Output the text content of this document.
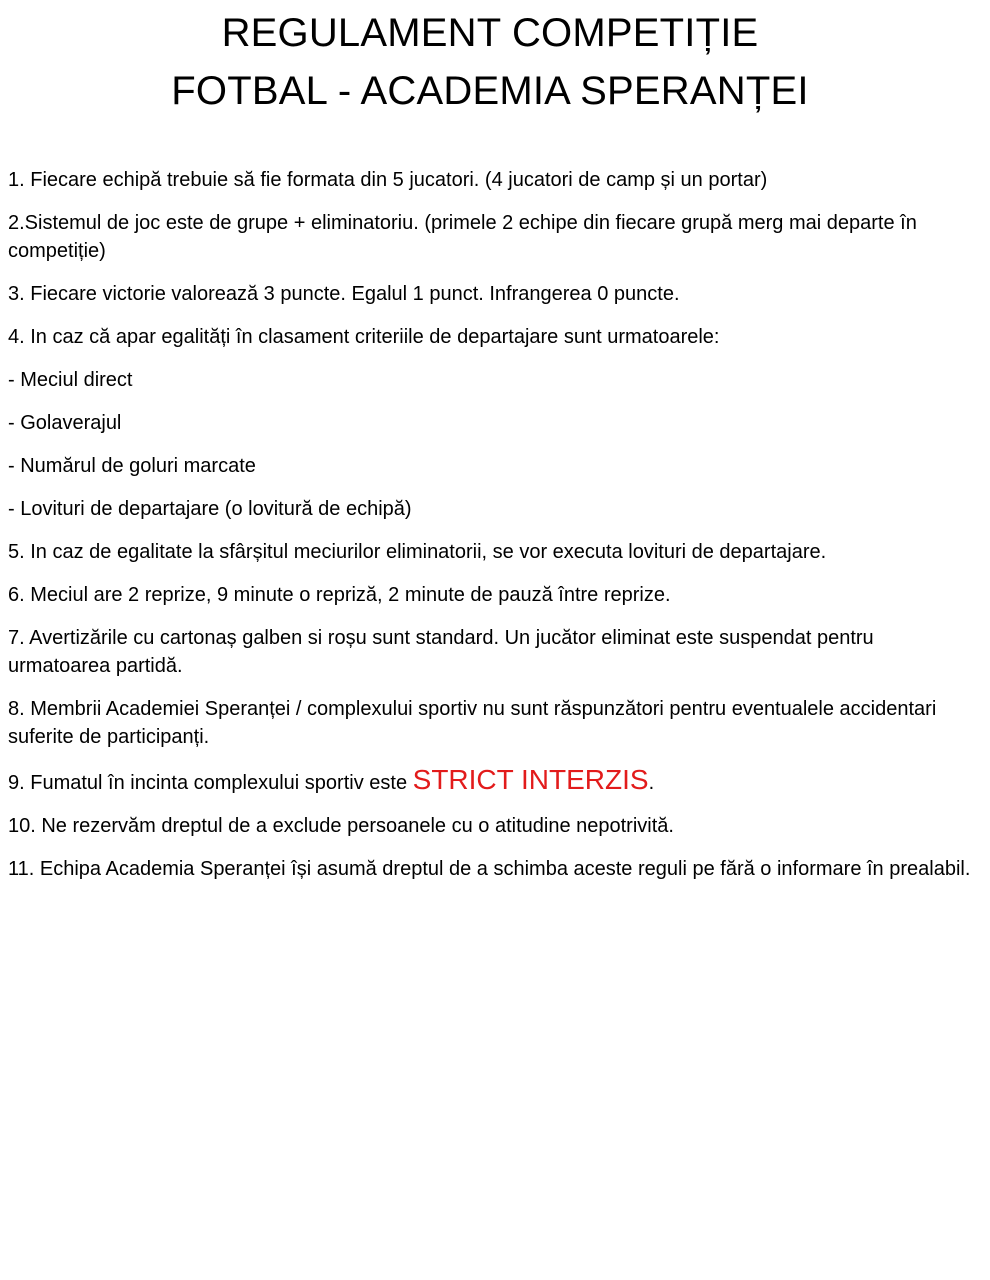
REGULAMENT COMPETIȚIE
FOTBAL - ACADEMIA SPERANȚEI

1. Fiecare echipă trebuie să fie formata din 5 jucatori. (4 jucatori de camp și un portar)

2.Sistemul de joc este de grupe + eliminatoriu. (primele 2 echipe din fiecare grupă merg mai departe în competiție)

3. Fiecare victorie valorează 3 puncte. Egalul 1 punct. Infrangerea 0 puncte.

4. In caz că apar egalități în clasament criteriile de departajare sunt urmatoarele:

- Meciul direct

- Golaverajul

- Numărul de goluri marcate

- Lovituri de departajare (o lovitură de echipă)

5. In caz de egalitate la sfârșitul meciurilor eliminatorii, se vor executa lovituri de departajare.

6. Meciul are 2 reprize, 9 minute o repriză, 2 minute de pauză între reprize.

7. Avertizările cu cartonaș galben si roșu sunt standard. Un jucător eliminat este suspendat pentru urmatoarea partidă.

8. Membrii Academiei Speranței / complexului sportiv nu sunt răspunzători pentru eventualele accidentari suferite de participanți.

9. Fumatul în incinta complexului sportiv este STRICT INTERZIS.

10. Ne rezervăm dreptul de a exclude persoanele cu o atitudine nepotrivită.

11. Echipa Academia Speranței își asumă dreptul de a schimba aceste reguli pe fără o informare în prealabil.
